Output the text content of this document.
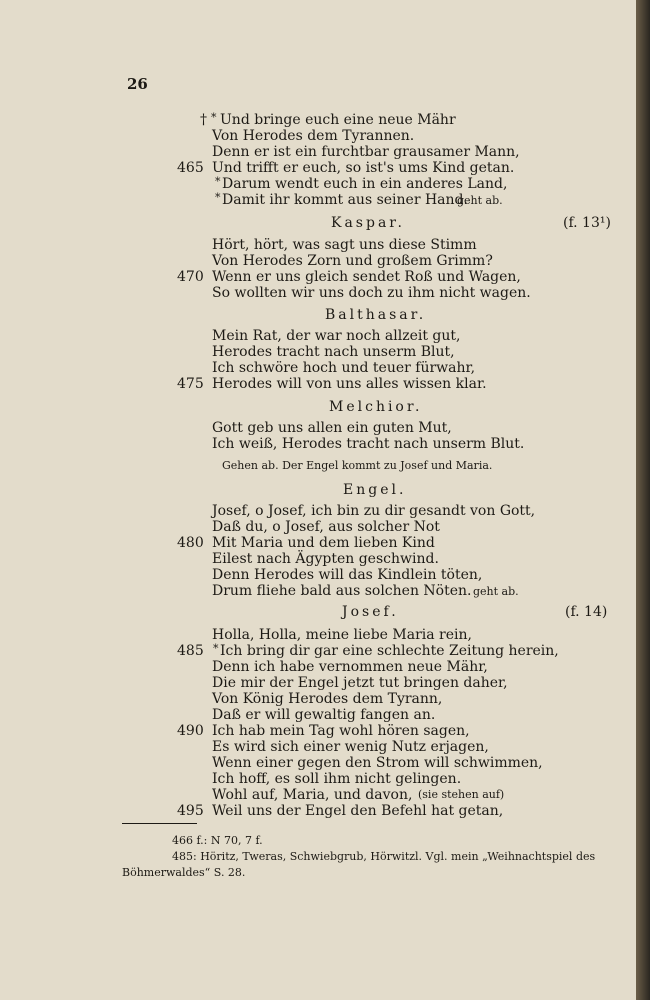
26
† * Und bringe euch eine neue Mähr
Von Herodes dem Tyrannen.
Denn er ist ein furchtbar grausamer Mann,
465 Und trifft er euch, so ist's ums Kind getan.
* Darum wendt euch in ein anderes Land,
* Damit ihr kommt aus seiner Hand.
geht ab.
Kaspar.	(f. 13¹)
Hört, hört, was sagt uns diese Stimm
Von Herodes Zorn und großem Grimm?
470 Wenn er uns gleich sendet Roß und Wagen,
So wollten wir uns doch zu ihm nicht wagen.
Balthasar.
Mein Rat, der war noch allzeit gut,
Herodes tracht nach unserm Blut,
Ich schwöre hoch und teuer fürwahr,
475 Herodes will von uns alles wissen klar.
Melchior.
Gott geb uns allen ein guten Mut,
Ich weiß, Herodes tracht nach unserm Blut.
Gehen ab. Der Engel kommt zu Josef und Maria.
Engel.
Josef, o Josef, ich bin zu dir gesandt von Gott,
Daß du, o Josef, aus solcher Not
480 Mit Maria und dem lieben Kind
Eilest nach Ägypten geschwind.
Denn Herodes will das Kindlein töten,
Drum fliehe bald aus solchen Nöten. geht ab.
Josef.	(f. 14)
Holla, Holla, meine liebe Maria rein,
485 * Ich bring dir gar eine schlechte Zeitung herein,
Denn ich habe vernommen neue Mähr,
Die mir der Engel jetzt tut bringen daher,
Von König Herodes dem Tyrann,
Daß er will gewaltig fangen an.
490 Ich hab mein Tag wohl hören sagen,
Es wird sich einer wenig Nutz erjagen,
Wenn einer gegen den Strom will schwimmen,
Ich hoff, es soll ihm nicht gelingen.
Wohl auf, Maria, und davon, (sie stehen auf)
495 Weil uns der Engel den Befehl hat getan,
466 f.: N 70, 7 f.
485: Höritz, Tweras, Schwiebgrub, Hörwitzl. Vgl. mein „Weihnachtspiel des
Böhmerwaldes“ S. 28.
